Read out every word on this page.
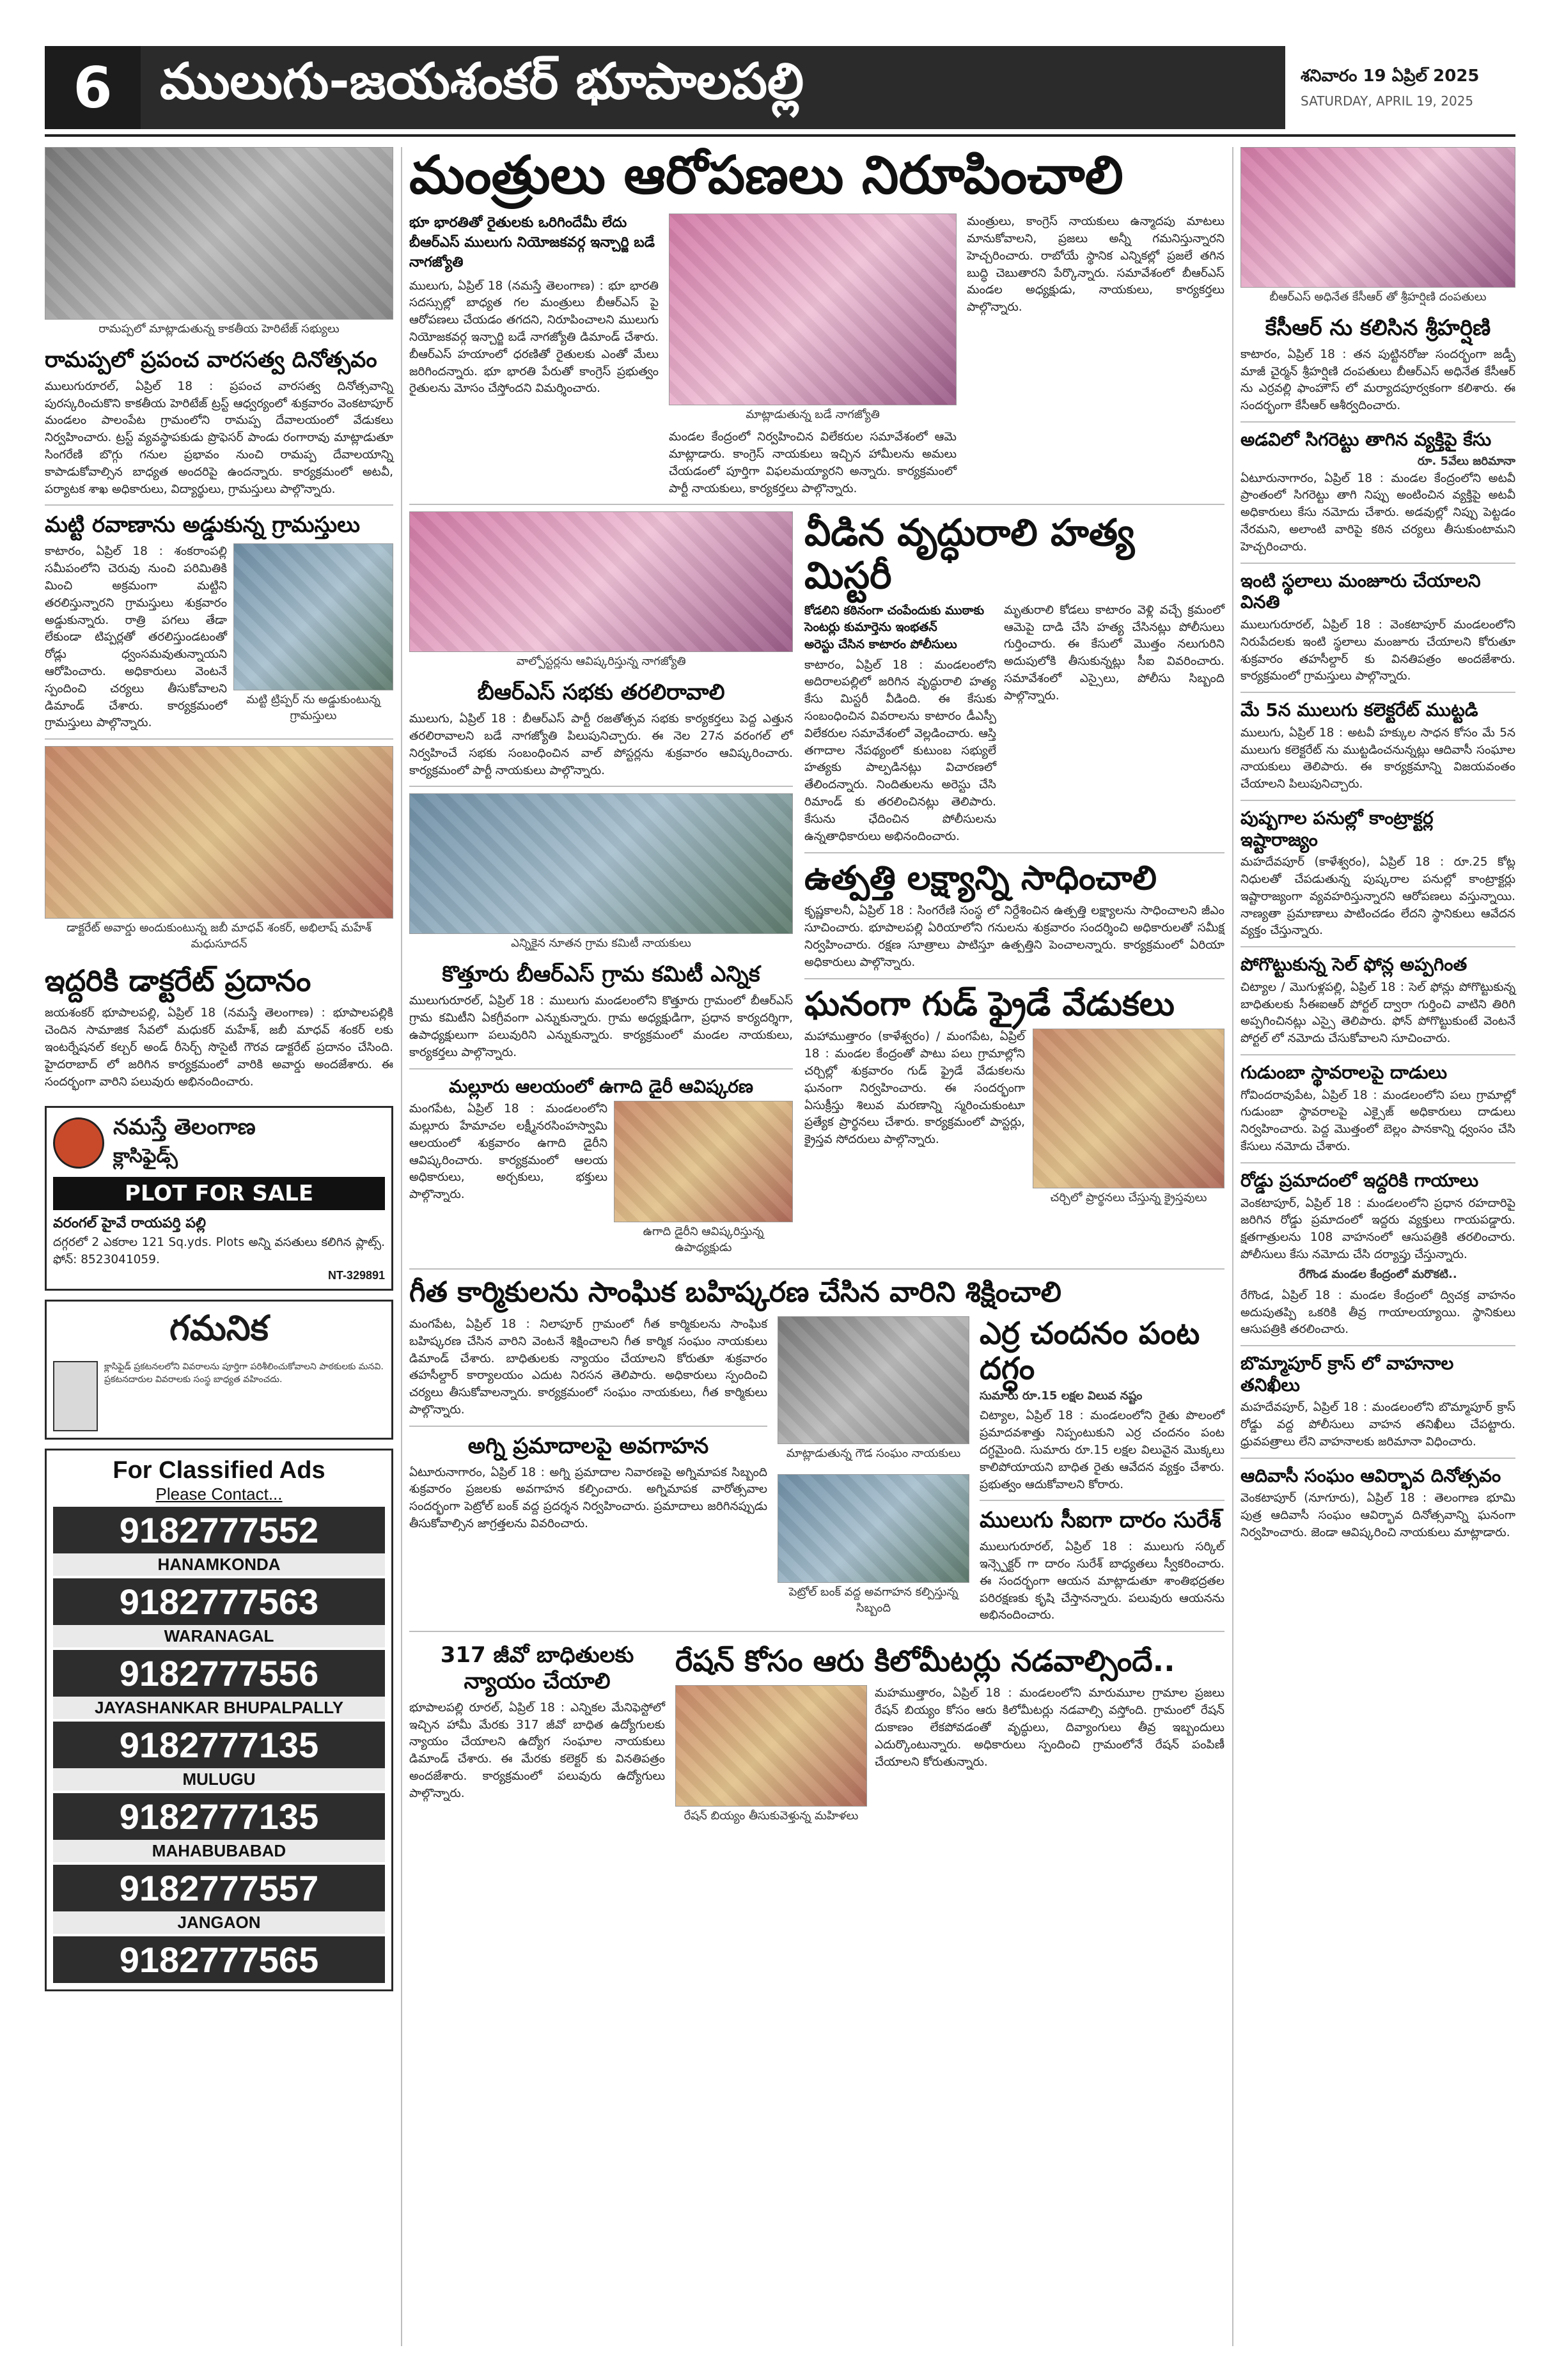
6 ములుగు-జయశంకర్ భూపాలపల్లి	శనివారం 19 ఏప్రిల్ 2025
SATURDAY, APRIL 19, 2025
రామప్పలో మాట్లాడుతున్న కాకతీయ హెరిటేజ్ సభ్యులు
రామప్పలో ప్రపంచ వారసత్వ దినోత్సవం

ములుగురూరల్, ఏప్రిల్ 18 : ప్రపంచ వారసత్వ దినోత్సవాన్ని పురస్కరించుకొని కాకతీయ హెరిటేజ్ ట్రస్ట్ ఆధ్వర్యంలో శుక్రవారం వెంకటాపూర్ మండలం పాలంపేట గ్రామంలోని రామప్ప దేవాలయంలో వేడుకలు నిర్వహించారు. ట్రస్ట్ వ్యవస్థాపకుడు ప్రొఫెసర్ పాండు రంగారావు మాట్లాడుతూ సింగరేణి బొగ్గు గనుల ప్రభావం నుంచి రామప్ప దేవాలయాన్ని కాపాడుకోవాల్సిన బాధ్యత అందరిపై ఉందన్నారు. కార్యక్రమంలో అటవీ, పర్యాటక శాఖ అధికారులు, విద్యార్థులు, గ్రామస్తులు పాల్గొన్నారు.

మట్టి రవాణాను అడ్డుకున్న గ్రామస్తులు

కాటారం, ఏప్రిల్ 18 : శంకరాంపల్లి సమీపంలోని చెరువు నుంచి పరిమితికి మించి అక్రమంగా మట్టిని తరలిస్తున్నారని గ్రామస్తులు శుక్రవారం అడ్డుకున్నారు. రాత్రి పగలు తేడా లేకుండా టిప్పర్లతో తరలిస్తుండటంతో రోడ్లు ధ్వంసమవుతున్నాయని ఆరోపించారు. అధికారులు వెంటనే స్పందించి చర్యలు తీసుకోవాలని డిమాండ్ చేశారు. కార్యక్రమంలో గ్రామస్తులు పాల్గొన్నారు.

మట్టి ట్రిప్పర్ ను అడ్డుకుంటున్న గ్రామస్తులు
డాక్టరేట్ అవార్డు అందుకుంటున్న జబీ మాధవ్ శంకర్, అభిలాష్ మహేశ్ మధుసూదన్
ఇద్దరికి డాక్టరేట్ ప్రదానం

జయశంకర్ భూపాలపల్లి, ఏప్రిల్ 18 (నమస్తే తెలంగాణ) : భూపాలపల్లికి చెందిన సామాజిక సేవలో మధుకర్ మహేశ్, జబీ మాధవ్ శంకర్ లకు ఇంటర్నేషనల్ కల్చర్ అండ్ రీసెర్చ్ సొసైటీ గౌరవ డాక్టరేట్ ప్రదానం చేసింది. హైదరాబాద్ లో జరిగిన కార్యక్రమంలో వారికి అవార్డు అందజేశారు. ఈ సందర్భంగా వారిని పలువురు అభినందించారు.

నమస్తే తెలంగాణ
క్లాసిఫైడ్స్
PLOT FOR SALE
వరంగల్ హైవే రాయపర్తి పల్లి

దగ్గరలో 2 ఎకరాల 121 Sq.yds. Plots అన్ని వసతులు కలిగిన ప్లాట్స్. ఫోన్: 8523041059.

NT-329891
గమనిక

క్లాసిఫైడ్ ప్రకటనలలోని వివరాలను పూర్తిగా పరిశీలించుకోవాలని పాఠకులకు మనవి. ప్రకటనదారుల వివరాలకు సంస్థ బాధ్యత వహించదు.

For Classified Ads
Please Contact...
9182777552
HANAMKONDA
9182777563
WARANAGAL
9182777556
JAYASHANKAR BHUPALPALLY
9182777135
MULUGU
9182777135
MAHABUBABAD
9182777557
JANGAON
9182777565
మంత్రులు ఆరోపణలు నిరూపించాలి
భూ భారతితో రైతులకు ఒరిగిందేమీ లేదు
బీఆర్ఎస్ ములుగు నియోజకవర్గ ఇన్చార్జి బడే నాగజ్యోతి

ములుగు, ఏప్రిల్ 18 (నమస్తే తెలంగాణ) : భూ భారతి సదస్సుల్లో బాధ్యత గల మంత్రులు బీఆర్ఎస్ పై ఆరోపణలు చేయడం తగదని, నిరూపించాలని ములుగు నియోజకవర్గ ఇన్చార్జి బడే నాగజ్యోతి డిమాండ్ చేశారు. బీఆర్ఎస్ హయాంలో ధరణితో రైతులకు ఎంతో మేలు జరిగిందన్నారు. భూ భారతి పేరుతో కాంగ్రెస్ ప్రభుత్వం రైతులను మోసం చేస్తోందని విమర్శించారు.

మాట్లాడుతున్న బడే నాగజ్యోతి

మండల కేంద్రంలో నిర్వహించిన విలేకరుల సమావేశంలో ఆమె మాట్లాడారు. కాంగ్రెస్ నాయకులు ఇచ్చిన హామీలను అమలు చేయడంలో పూర్తిగా విఫలమయ్యారని అన్నారు. కార్యక్రమంలో పార్టీ నాయకులు, కార్యకర్తలు పాల్గొన్నారు.

మంత్రులు, కాంగ్రెస్ నాయకులు ఉన్మాదపు మాటలు మానుకోవాలని, ప్రజలు అన్నీ గమనిస్తున్నారని హెచ్చరించారు. రాబోయే స్థానిక ఎన్నికల్లో ప్రజలే తగిన బుద్ధి చెబుతారని పేర్కొన్నారు. సమావేశంలో బీఆర్ఎస్ మండల అధ్యక్షుడు, నాయకులు, కార్యకర్తలు పాల్గొన్నారు.

వాల్పోస్టర్లను ఆవిష్కరిస్తున్న నాగజ్యోతి
బీఆర్ఎస్ సభకు తరలిరావాలి

ములుగు, ఏప్రిల్ 18 : బీఆర్ఎస్ పార్టీ రజతోత్సవ సభకు కార్యకర్తలు పెద్ద ఎత్తున తరలిరావాలని బడే నాగజ్యోతి పిలుపునిచ్చారు. ఈ నెల 27న వరంగల్ లో నిర్వహించే సభకు సంబంధించిన వాల్ పోస్టర్లను శుక్రవారం ఆవిష్కరించారు. కార్యక్రమంలో పార్టీ నాయకులు పాల్గొన్నారు.

ఎన్నికైన నూతన గ్రామ కమిటీ నాయకులు
కొత్తూరు బీఆర్ఎస్ గ్రామ కమిటీ ఎన్నిక

ములుగురూరల్, ఏప్రిల్ 18 : ములుగు మండలంలోని కొత్తూరు గ్రామంలో బీఆర్ఎస్ గ్రామ కమిటీని ఏకగ్రీవంగా ఎన్నుకున్నారు. గ్రామ అధ్యక్షుడిగా, ప్రధాన కార్యదర్శిగా, ఉపాధ్యక్షులుగా పలువురిని ఎన్నుకున్నారు. కార్యక్రమంలో మండల నాయకులు, కార్యకర్తలు పాల్గొన్నారు.

మల్లూరు ఆలయంలో ఉగాది డైరీ ఆవిష్కరణ

మంగపేట, ఏప్రిల్ 18 : మండలంలోని మల్లూరు హేమాచల లక్ష్మీనరసింహస్వామి ఆలయంలో శుక్రవారం ఉగాది డైరీని ఆవిష్కరించారు. కార్యక్రమంలో ఆలయ అధికారులు, అర్చకులు, భక్తులు పాల్గొన్నారు.

ఉగాది డైరీని ఆవిష్కరిస్తున్న ఉపాధ్యక్షుడు
వీడిన వృద్ధురాలి హత్య మిస్టరీ
కోడలిని కఠినంగా చంపేందుకు ముఠాకు
సెంటర్లు కుమార్తెను ఇంభతన్
అరెస్టు చేసిన కాటారం పోలీసులు

కాటారం, ఏప్రిల్ 18 : మండలంలోని అదిరాలపల్లిలో జరిగిన వృద్ధురాలి హత్య కేసు మిస్టరీ వీడింది. ఈ కేసుకు సంబంధించిన వివరాలను కాటారం డీఎస్పీ విలేకరుల సమావేశంలో వెల్లడించారు. ఆస్తి తగాదాల నేపథ్యంలో కుటుంబ సభ్యులే హత్యకు పాల్పడినట్లు విచారణలో తేలిందన్నారు. నిందితులను అరెస్టు చేసి రిమాండ్ కు తరలించినట్లు తెలిపారు. కేసును ఛేదించిన పోలీసులను ఉన్నతాధికారులు అభినందించారు.

మృతురాలి కోడలు కాటారం వెళ్లి వచ్చే క్రమంలో ఆమెపై దాడి చేసి హత్య చేసినట్లు పోలీసులు గుర్తించారు. ఈ కేసులో మొత్తం నలుగురిని అదుపులోకి తీసుకున్నట్లు సీఐ వివరించారు. సమావేశంలో ఎస్సైలు, పోలీసు సిబ్బంది పాల్గొన్నారు.

ఉత్పత్తి లక్ష్యాన్ని సాధించాలి

కృష్ణకాలనీ, ఏప్రిల్ 18 : సింగరేణి సంస్థ లో నిర్దేశించిన ఉత్పత్తి లక్ష్యాలను సాధించాలని జీఎం సూచించారు. భూపాలపల్లి ఏరియాలోని గనులను శుక్రవారం సందర్శించి అధికారులతో సమీక్ష నిర్వహించారు. రక్షణ సూత్రాలు పాటిస్తూ ఉత్పత్తిని పెంచాలన్నారు. కార్యక్రమంలో ఏరియా అధికారులు పాల్గొన్నారు.

ఘనంగా గుడ్ ఫ్రైడే వేడుకలు

మహాముత్తారం (కాళేశ్వరం) / మంగపేట, ఏప్రిల్ 18 : మండల కేంద్రంతో పాటు పలు గ్రామాల్లోని చర్చిల్లో శుక్రవారం గుడ్ ఫ్రైడే వేడుకలను ఘనంగా నిర్వహించారు. ఈ సందర్భంగా ఏసుక్రీస్తు శిలువ మరణాన్ని స్మరించుకుంటూ ప్రత్యేక ప్రార్థనలు చేశారు. కార్యక్రమంలో పాస్టర్లు, క్రైస్తవ సోదరులు పాల్గొన్నారు.

చర్చిలో ప్రార్థనలు చేస్తున్న క్రైస్తవులు
గీత కార్మికులను సాంఘిక బహిష్కరణ చేసిన వారిని శిక్షించాలి

మంగపేట, ఏప్రిల్ 18 : నిలాపూర్ గ్రామంలో గీత కార్మికులను సాంఘిక బహిష్కరణ చేసిన వారిని వెంటనే శిక్షించాలని గీత కార్మిక సంఘం నాయకులు డిమాండ్ చేశారు. బాధితులకు న్యాయం చేయాలని కోరుతూ శుక్రవారం తహసీల్దార్ కార్యాలయం ఎదుట నిరసన తెలిపారు. అధికారులు స్పందించి చర్యలు తీసుకోవాలన్నారు. కార్యక్రమంలో సంఘం నాయకులు, గీత కార్మికులు పాల్గొన్నారు.

అగ్ని ప్రమాదాలపై అవగాహన

ఏటూరునాగారం, ఏప్రిల్ 18 : అగ్ని ప్రమాదాల నివారణపై అగ్నిమాపక సిబ్బంది శుక్రవారం ప్రజలకు అవగాహన కల్పించారు. అగ్నిమాపక వారోత్సవాల సందర్భంగా పెట్రోల్ బంక్ వద్ద ప్రదర్శన నిర్వహించారు. ప్రమాదాలు జరిగినప్పుడు తీసుకోవాల్సిన జాగ్రత్తలను వివరించారు.

మాట్లాడుతున్న గౌడ సంఘం నాయకులు
పెట్రోల్ బంక్ వద్ద అవగాహన కల్పిస్తున్న సిబ్బంది
ఎర్ర చందనం పంట దగ్ధం
సుమారు రూ.15 లక్షల విలువ నష్టం

చిట్యాల, ఏప్రిల్ 18 : మండలంలోని రైతు పొలంలో ప్రమాదవశాత్తు నిప్పంటుకుని ఎర్ర చందనం పంట దగ్ధమైంది. సుమారు రూ.15 లక్షల విలువైన మొక్కలు కాలిపోయాయని బాధిత రైతు ఆవేదన వ్యక్తం చేశారు. ప్రభుత్వం ఆదుకోవాలని కోరారు.

ములుగు సీఐగా దారం సురేశ్

ములుగురూరల్, ఏప్రిల్ 18 : ములుగు సర్కిల్ ఇన్స్పెక్టర్ గా దారం సురేశ్ బాధ్యతలు స్వీకరించారు. ఈ సందర్భంగా ఆయన మాట్లాడుతూ శాంతిభద్రతల పరిరక్షణకు కృషి చేస్తానన్నారు. పలువురు ఆయనను అభినందించారు.

317 జీవో బాధితులకు న్యాయం చేయాలి

భూపాలపల్లి రూరల్, ఏప్రిల్ 18 : ఎన్నికల మేనిఫెస్టోలో ఇచ్చిన హామీ మేరకు 317 జీవో బాధిత ఉద్యోగులకు న్యాయం చేయాలని ఉద్యోగ సంఘాల నాయకులు డిమాండ్ చేశారు. ఈ మేరకు కలెక్టర్ కు వినతిపత్రం అందజేశారు. కార్యక్రమంలో పలువురు ఉద్యోగులు పాల్గొన్నారు.

రేషన్ కోసం ఆరు కిలోమీటర్లు నడవాల్సిందే..
రేషన్ బియ్యం తీసుకువెళ్తున్న మహిళలు

మహముత్తారం, ఏప్రిల్ 18 : మండలంలోని మారుమూల గ్రామాల ప్రజలు రేషన్ బియ్యం కోసం ఆరు కిలోమీటర్లు నడవాల్సి వస్తోంది. గ్రామంలో రేషన్ దుకాణం లేకపోవడంతో వృద్ధులు, దివ్యాంగులు తీవ్ర ఇబ్బందులు ఎదుర్కొంటున్నారు. అధికారులు స్పందించి గ్రామంలోనే రేషన్ పంపిణీ చేయాలని కోరుతున్నారు.

బీఆర్ఎస్ అధినేత కేసీఆర్ తో శ్రీహర్షిణి దంపతులు
కేసీఆర్ ను కలిసిన శ్రీహర్షిణి

కాటారం, ఏప్రిల్ 18 : తన పుట్టినరోజు సందర్భంగా జడ్పీ మాజీ చైర్మన్ శ్రీహర్షిణి దంపతులు బీఆర్ఎస్ అధినేత కేసీఆర్ ను ఎర్రవల్లి ఫాంహౌస్ లో మర్యాదపూర్వకంగా కలిశారు. ఈ సందర్భంగా కేసీఆర్ ఆశీర్వదించారు.

అడవిలో సిగరెట్టు తాగిన వ్యక్తిపై కేసు
రూ. 5వేలు జరిమానా

ఏటూరునాగారం, ఏప్రిల్ 18 : మండల కేంద్రంలోని అటవీ ప్రాంతంలో సిగరెట్టు తాగి నిప్పు అంటించిన వ్యక్తిపై అటవీ అధికారులు కేసు నమోదు చేశారు. అడవుల్లో నిప్పు పెట్టడం నేరమని, అలాంటి వారిపై కఠిన చర్యలు తీసుకుంటామని హెచ్చరించారు.

ఇంటి స్థలాలు మంజూరు చేయాలని వినతి

ములుగురూరల్, ఏప్రిల్ 18 : వెంకటాపూర్ మండలంలోని నిరుపేదలకు ఇంటి స్థలాలు మంజూరు చేయాలని కోరుతూ శుక్రవారం తహసీల్దార్ కు వినతిపత్రం అందజేశారు. కార్యక్రమంలో గ్రామస్తులు పాల్గొన్నారు.

మే 5న ములుగు కలెక్టరేట్ ముట్టడి

ములుగు, ఏప్రిల్ 18 : అటవీ హక్కుల సాధన కోసం మే 5న ములుగు కలెక్టరేట్ ను ముట్టడించనున్నట్లు ఆదివాసీ సంఘాల నాయకులు తెలిపారు. ఈ కార్యక్రమాన్ని విజయవంతం చేయాలని పిలుపునిచ్చారు.

పుష్పగాల పనుల్లో కాంట్రాక్టర్ల ఇష్టారాజ్యం

మహదేవపూర్ (కాళేశ్వరం), ఏప్రిల్ 18 : రూ.25 కోట్ల నిధులతో చేపడుతున్న పుష్కరాల పనుల్లో కాంట్రాక్టర్లు ఇష్టారాజ్యంగా వ్యవహరిస్తున్నారని ఆరోపణలు వస్తున్నాయి. నాణ్యతా ప్రమాణాలు పాటించడం లేదని స్థానికులు ఆవేదన వ్యక్తం చేస్తున్నారు.

పోగొట్టుకున్న సెల్ ఫోన్ల అప్పగింత

చిట్యాల / మొగుళ్లపల్లి, ఏప్రిల్ 18 : సెల్ ఫోన్లు పోగొట్టుకున్న బాధితులకు సీఈఐఆర్ పోర్టల్ ద్వారా గుర్తించి వాటిని తిరిగి అప్పగించినట్లు ఎస్సై తెలిపారు. ఫోన్ పోగొట్టుకుంటే వెంటనే పోర్టల్ లో నమోదు చేసుకోవాలని సూచించారు.

గుడుంబా స్థావరాలపై దాడులు

గోవిందరావుపేట, ఏప్రిల్ 18 : మండలంలోని పలు గ్రామాల్లో గుడుంబా స్థావరాలపై ఎక్సైజ్ అధికారులు దాడులు నిర్వహించారు. పెద్ద మొత్తంలో బెల్లం పానకాన్ని ధ్వంసం చేసి కేసులు నమోదు చేశారు.

రోడ్డు ప్రమాదంలో ఇద్దరికి గాయాలు

వెంకటాపూర్, ఏప్రిల్ 18 : మండలంలోని ప్రధాన రహదారిపై జరిగిన రోడ్డు ప్రమాదంలో ఇద్దరు వ్యక్తులు గాయపడ్డారు. క్షతగాత్రులను 108 వాహనంలో ఆసుపత్రికి తరలించారు. పోలీసులు కేసు నమోదు చేసి దర్యాప్తు చేస్తున్నారు.

రేగొండ మండల కేంద్రంలో మరొకటి..

రేగొండ, ఏప్రిల్ 18 : మండల కేంద్రంలో ద్విచక్ర వాహనం అదుపుతప్పి ఒకరికి తీవ్ర గాయాలయ్యాయి. స్థానికులు ఆసుపత్రికి తరలించారు.

బొమ్మాపూర్ క్రాస్ లో వాహనాల తనిఖీలు

మహదేవపూర్, ఏప్రిల్ 18 : మండలంలోని బొమ్మాపూర్ క్రాస్ రోడ్డు వద్ద పోలీసులు వాహన తనిఖీలు చేపట్టారు. ధ్రువపత్రాలు లేని వాహనాలకు జరిమానా విధించారు.

ఆదివాసీ సంఘం ఆవిర్భావ దినోత్సవం

వెంకటాపూర్ (నూగూరు), ఏప్రిల్ 18 : తెలంగాణ భూమి పుత్ర ఆదివాసీ సంఘం ఆవిర్భావ దినోత్సవాన్ని ఘనంగా నిర్వహించారు. జెండా ఆవిష్కరించి నాయకులు మాట్లాడారు.
